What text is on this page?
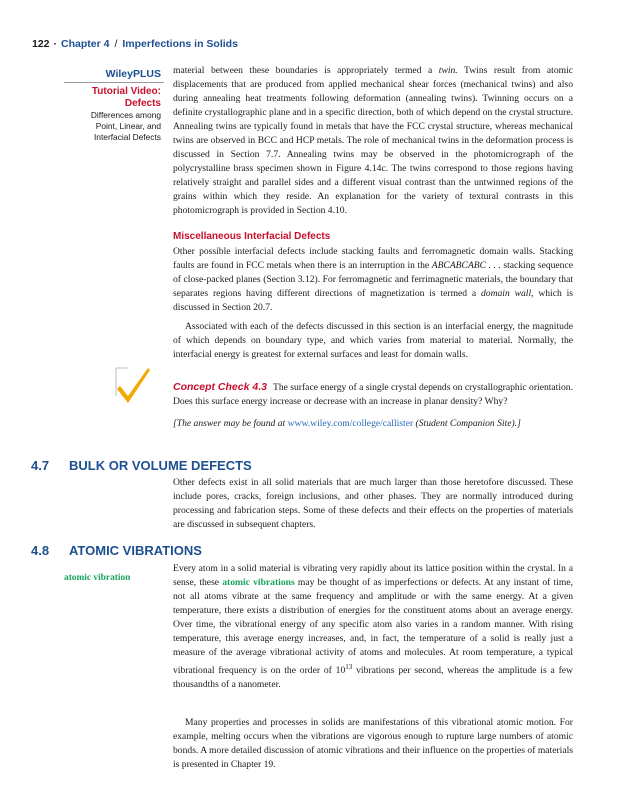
122 · Chapter 4 / Imperfections in Solids
WileyPLUS
Tutorial Video:
Defects
Differences among
Point, Linear, and
Interfacial Defects

material between these boundaries is appropriately termed a twin. Twins result from atomic displacements that are produced from applied mechanical shear forces (mechanical twins) and also during annealing heat treatments following deformation (annealing twins). Twinning occurs on a definite crystallographic plane and in a specific direction, both of which depend on the crystal structure. Annealing twins are typically found in metals that have the FCC crystal structure, whereas mechanical twins are observed in BCC and HCP metals. The role of mechanical twins in the deformation process is discussed in Section 7.7. Annealing twins may be observed in the photomicrograph of the polycrystalline brass specimen shown in Figure 4.14c. The twins correspond to those regions having relatively straight and parallel sides and a different visual contrast than the untwinned regions of the grains within which they reside. An explanation for the variety of textural contrasts in this photomicrograph is provided in Section 4.10.

Miscellaneous Interfacial Defects

Other possible interfacial defects include stacking faults and ferromagnetic domain walls. Stacking faults are found in FCC metals when there is an interruption in the ABCABCABC . . . stacking sequence of close-packed planes (Section 3.12). For ferromagnetic and ferrimagnetic materials, the boundary that separates regions having different directions of magnetization is termed a domain wall, which is discussed in Section 20.7.

Associated with each of the defects discussed in this section is an interfacial energy, the magnitude of which depends on boundary type, and which varies from material to material. Normally, the interfacial energy is greatest for external surfaces and least for domain walls.

Concept Check 4.3 The surface energy of a single crystal depends on crystallographic orientation. Does this surface energy increase or decrease with an increase in planar density? Why?

[The answer may be found at www.wiley.com/college/callister (Student Companion Site).]
4.7 BULK OR VOLUME DEFECTS

Other defects exist in all solid materials that are much larger than those heretofore discussed. These include pores, cracks, foreign inclusions, and other phases. They are normally introduced during processing and fabrication steps. Some of these defects and their effects on the properties of materials are discussed in subsequent chapters.

4.8 ATOMIC VIBRATIONS
atomic vibration

Every atom in a solid material is vibrating very rapidly about its lattice position within the crystal. In a sense, these atomic vibrations may be thought of as imperfections or defects. At any instant of time, not all atoms vibrate at the same frequency and amplitude or with the same energy. At a given temperature, there exists a distribution of energies for the constituent atoms about an average energy. Over time, the vibrational energy of any specific atom also varies in a random manner. With rising temperature, this average energy increases, and, in fact, the temperature of a solid is really just a measure of the average vibrational activity of atoms and molecules. At room temperature, a typical vibrational frequency is on the order of $10^{13}$ vibrations per second, whereas the amplitude is a few thousandths of a nanometer.

Many properties and processes in solids are manifestations of this vibrational atomic motion. For example, melting occurs when the vibrations are vigorous enough to rupture large numbers of atomic bonds. A more detailed discussion of atomic vibrations and their influence on the properties of materials is presented in Chapter 19.
